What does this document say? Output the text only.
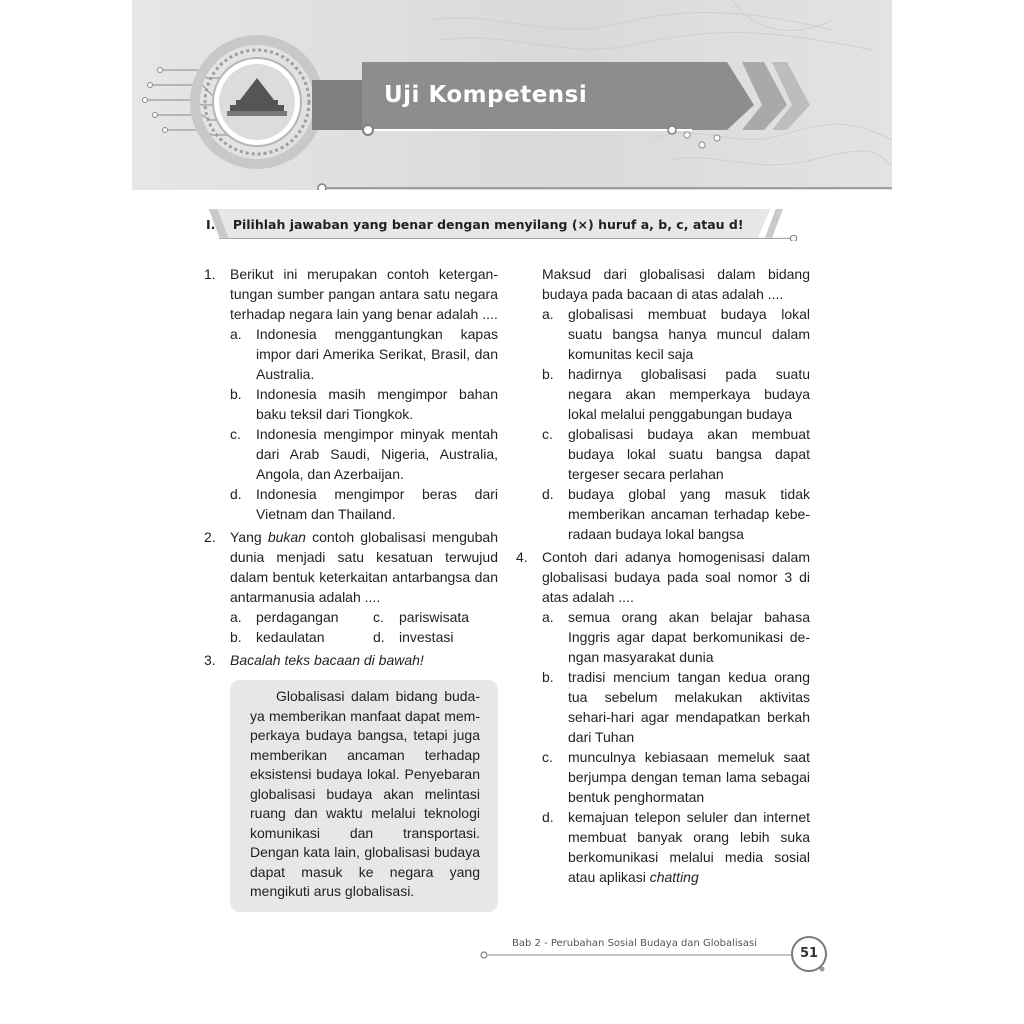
Uji Kompetensi
I. Pilihlah jawaban yang benar dengan menyilang (×) huruf a, b, c, atau d!
1. Berikut ini merupakan contoh ketergan-tungan sumber pangan antara satu negara terhadap negara lain yang benar adalah ....
a. Indonesia menggantungkan kapas impor dari Amerika Serikat, Brasil, dan Australia.
b. Indonesia masih mengimpor bahan baku teksil dari Tiongkok.
c. Indonesia mengimpor minyak mentah dari Arab Saudi, Nigeria, Australia, Angola, dan Azerbaijan.
d. Indonesia mengimpor beras dari Vietnam dan Thailand.
2. Yang bukan contoh globalisasi mengubah dunia menjadi satu kesatuan terwujud dalam bentuk keterkaitan antarbangsa dan antarmanusia adalah ....
a. perdagangan	c. pariswisata
b. kedaulatan	d. investasi
3. Bacalah teks bacaan di bawah!
Globalisasi dalam bidang buda-ya memberikan manfaat dapat mem-perkaya budaya bangsa, tetapi juga memberikan ancaman terhadap eksistensi budaya lokal. Penyebaran globalisasi budaya akan melintasi ruang dan waktu melalui teknologi komunikasi dan transportasi. Dengan kata lain, globalisasi budaya dapat masuk ke negara yang mengikuti arus globalisasi.
Maksud dari globalisasi dalam bidang budaya pada bacaan di atas adalah ....
a. globalisasi membuat budaya lokal suatu bangsa hanya muncul dalam komunitas kecil saja
b. hadirnya globalisasi pada suatu negara akan memperkaya budaya lokal melalui penggabungan budaya
c. globalisasi budaya akan membuat budaya lokal suatu bangsa dapat tergeser secara perlahan
d. budaya global yang masuk tidak memberikan ancaman terhadap kebe-radaan budaya lokal bangsa
4. Contoh dari adanya homogenisasi dalam globalisasi budaya pada soal nomor 3 di atas adalah ....
a. semua orang akan belajar bahasa Inggris agar dapat berkomunikasi de-ngan masyarakat dunia
b. tradisi mencium tangan kedua orang tua sebelum melakukan aktivitas sehari-hari agar mendapatkan berkah dari Tuhan
c. munculnya kebiasaan memeluk saat berjumpa dengan teman lama sebagai bentuk penghormatan
d. kemajuan telepon seluler dan internet membuat banyak orang lebih suka berkomunikasi melalui media sosial atau aplikasi chatting
Bab 2 - Perubahan Sosial Budaya dan Globalisasi
51
